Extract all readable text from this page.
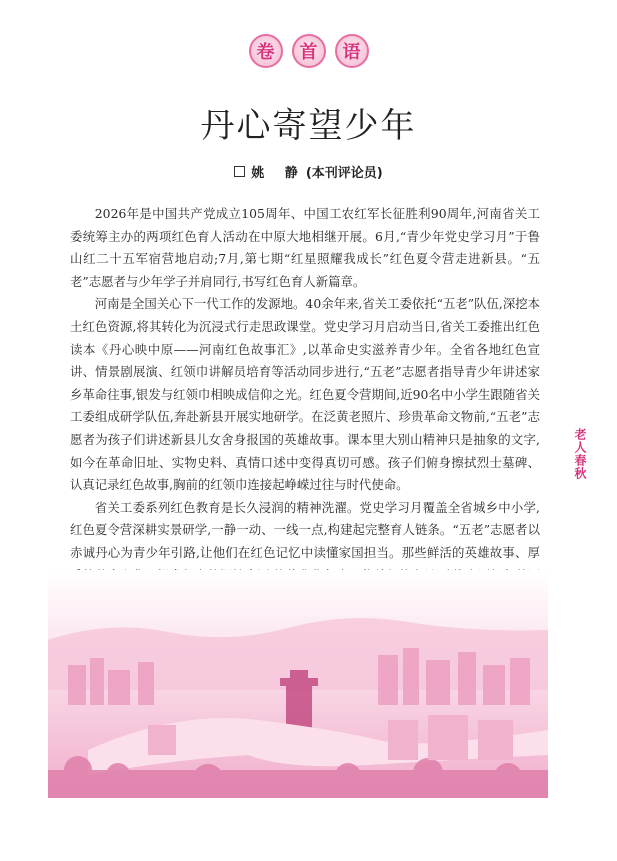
卷	首	语
丹心寄望少年
姚 静(本刊评论员)

2026年是中国共产党成立105周年、中国工农红军长征胜利90周年,河南省关工委统筹主办的两项红色育人活动在中原大地相继开展。6月,“青少年党史学习月”于鲁山红二十五军宿营地启动;7月,第七期“红星照耀我成长”红色夏令营走进新县。“五老”志愿者与少年学子并肩同行,书写红色育人新篇章。

河南是全国关心下一代工作的发源地。40余年来,省关工委依托“五老”队伍,深挖本土红色资源,将其转化为沉浸式行走思政课堂。党史学习月启动当日,省关工委推出红色读本《丹心映中原——河南红色故事汇》,以革命史实滋养青少年。全省各地红色宣讲、情景剧展演、红领巾讲解员培育等活动同步进行,“五老”志愿者指导青少年讲述家乡革命往事,银发与红领巾相映成信仰之光。红色夏令营期间,近90名中小学生跟随省关工委组成研学队伍,奔赴新县开展实地研学。在泛黄老照片、珍贵革命文物前,“五老”志愿者为孩子们讲述新县儿女舍身报国的英雄故事。课本里大别山精神只是抽象的文字,如今在革命旧址、实物史料、真情口述中变得真切可感。孩子们俯身擦拭烈士墓碑、认真记录红色故事,胸前的红领巾连接起峥嵘过往与时代使命。

省关工委系列红色教育是长久浸润的精神洗濯。党史学习月覆盖全省城乡中小学,红色夏令营深耕实景研学,一静一动、一线一点,构建起完整育人链条。“五老”志愿者以赤诚丹心为青少年引路,让他们在红色记忆中读懂家国担当。那些鲜活的英雄故事、厚

老人春秋
